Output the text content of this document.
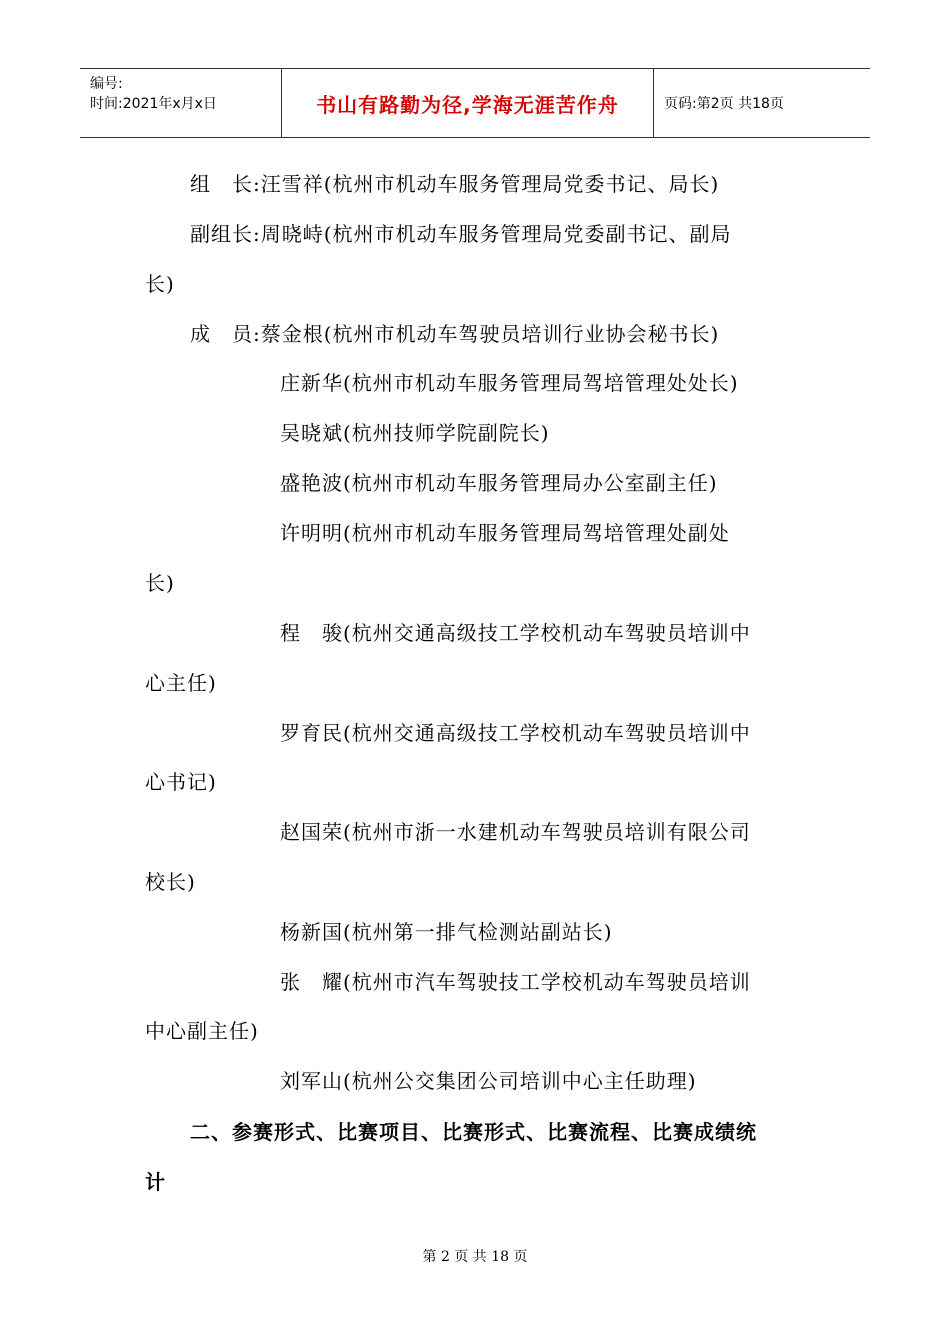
编号:
时间:2021年x月x日	书山有路勤为径,学海无涯苦作舟	页码:第2页 共18页
组　长:汪雪祥(杭州市机动车服务管理局党委书记、局长)
副组长:周晓峙(杭州市机动车服务管理局党委副书记、副局
长)
成　员:蔡金根(杭州市机动车驾驶员培训行业协会秘书长)
庄新华(杭州市机动车服务管理局驾培管理处处长)
吴晓斌(杭州技师学院副院长)
盛艳波(杭州市机动车服务管理局办公室副主任)
许明明(杭州市机动车服务管理局驾培管理处副处
长)
程　骏(杭州交通高级技工学校机动车驾驶员培训中
心主任)
罗育民(杭州交通高级技工学校机动车驾驶员培训中
心书记)
赵国荣(杭州市浙一水建机动车驾驶员培训有限公司
校长)
杨新国(杭州第一排气检测站副站长)
张　耀(杭州市汽车驾驶技工学校机动车驾驶员培训
中心副主任)
刘军山(杭州公交集团公司培训中心主任助理)
二、参赛形式、比赛项目、比赛形式、比赛流程、比赛成绩统
计
第 2 页 共 18 页
